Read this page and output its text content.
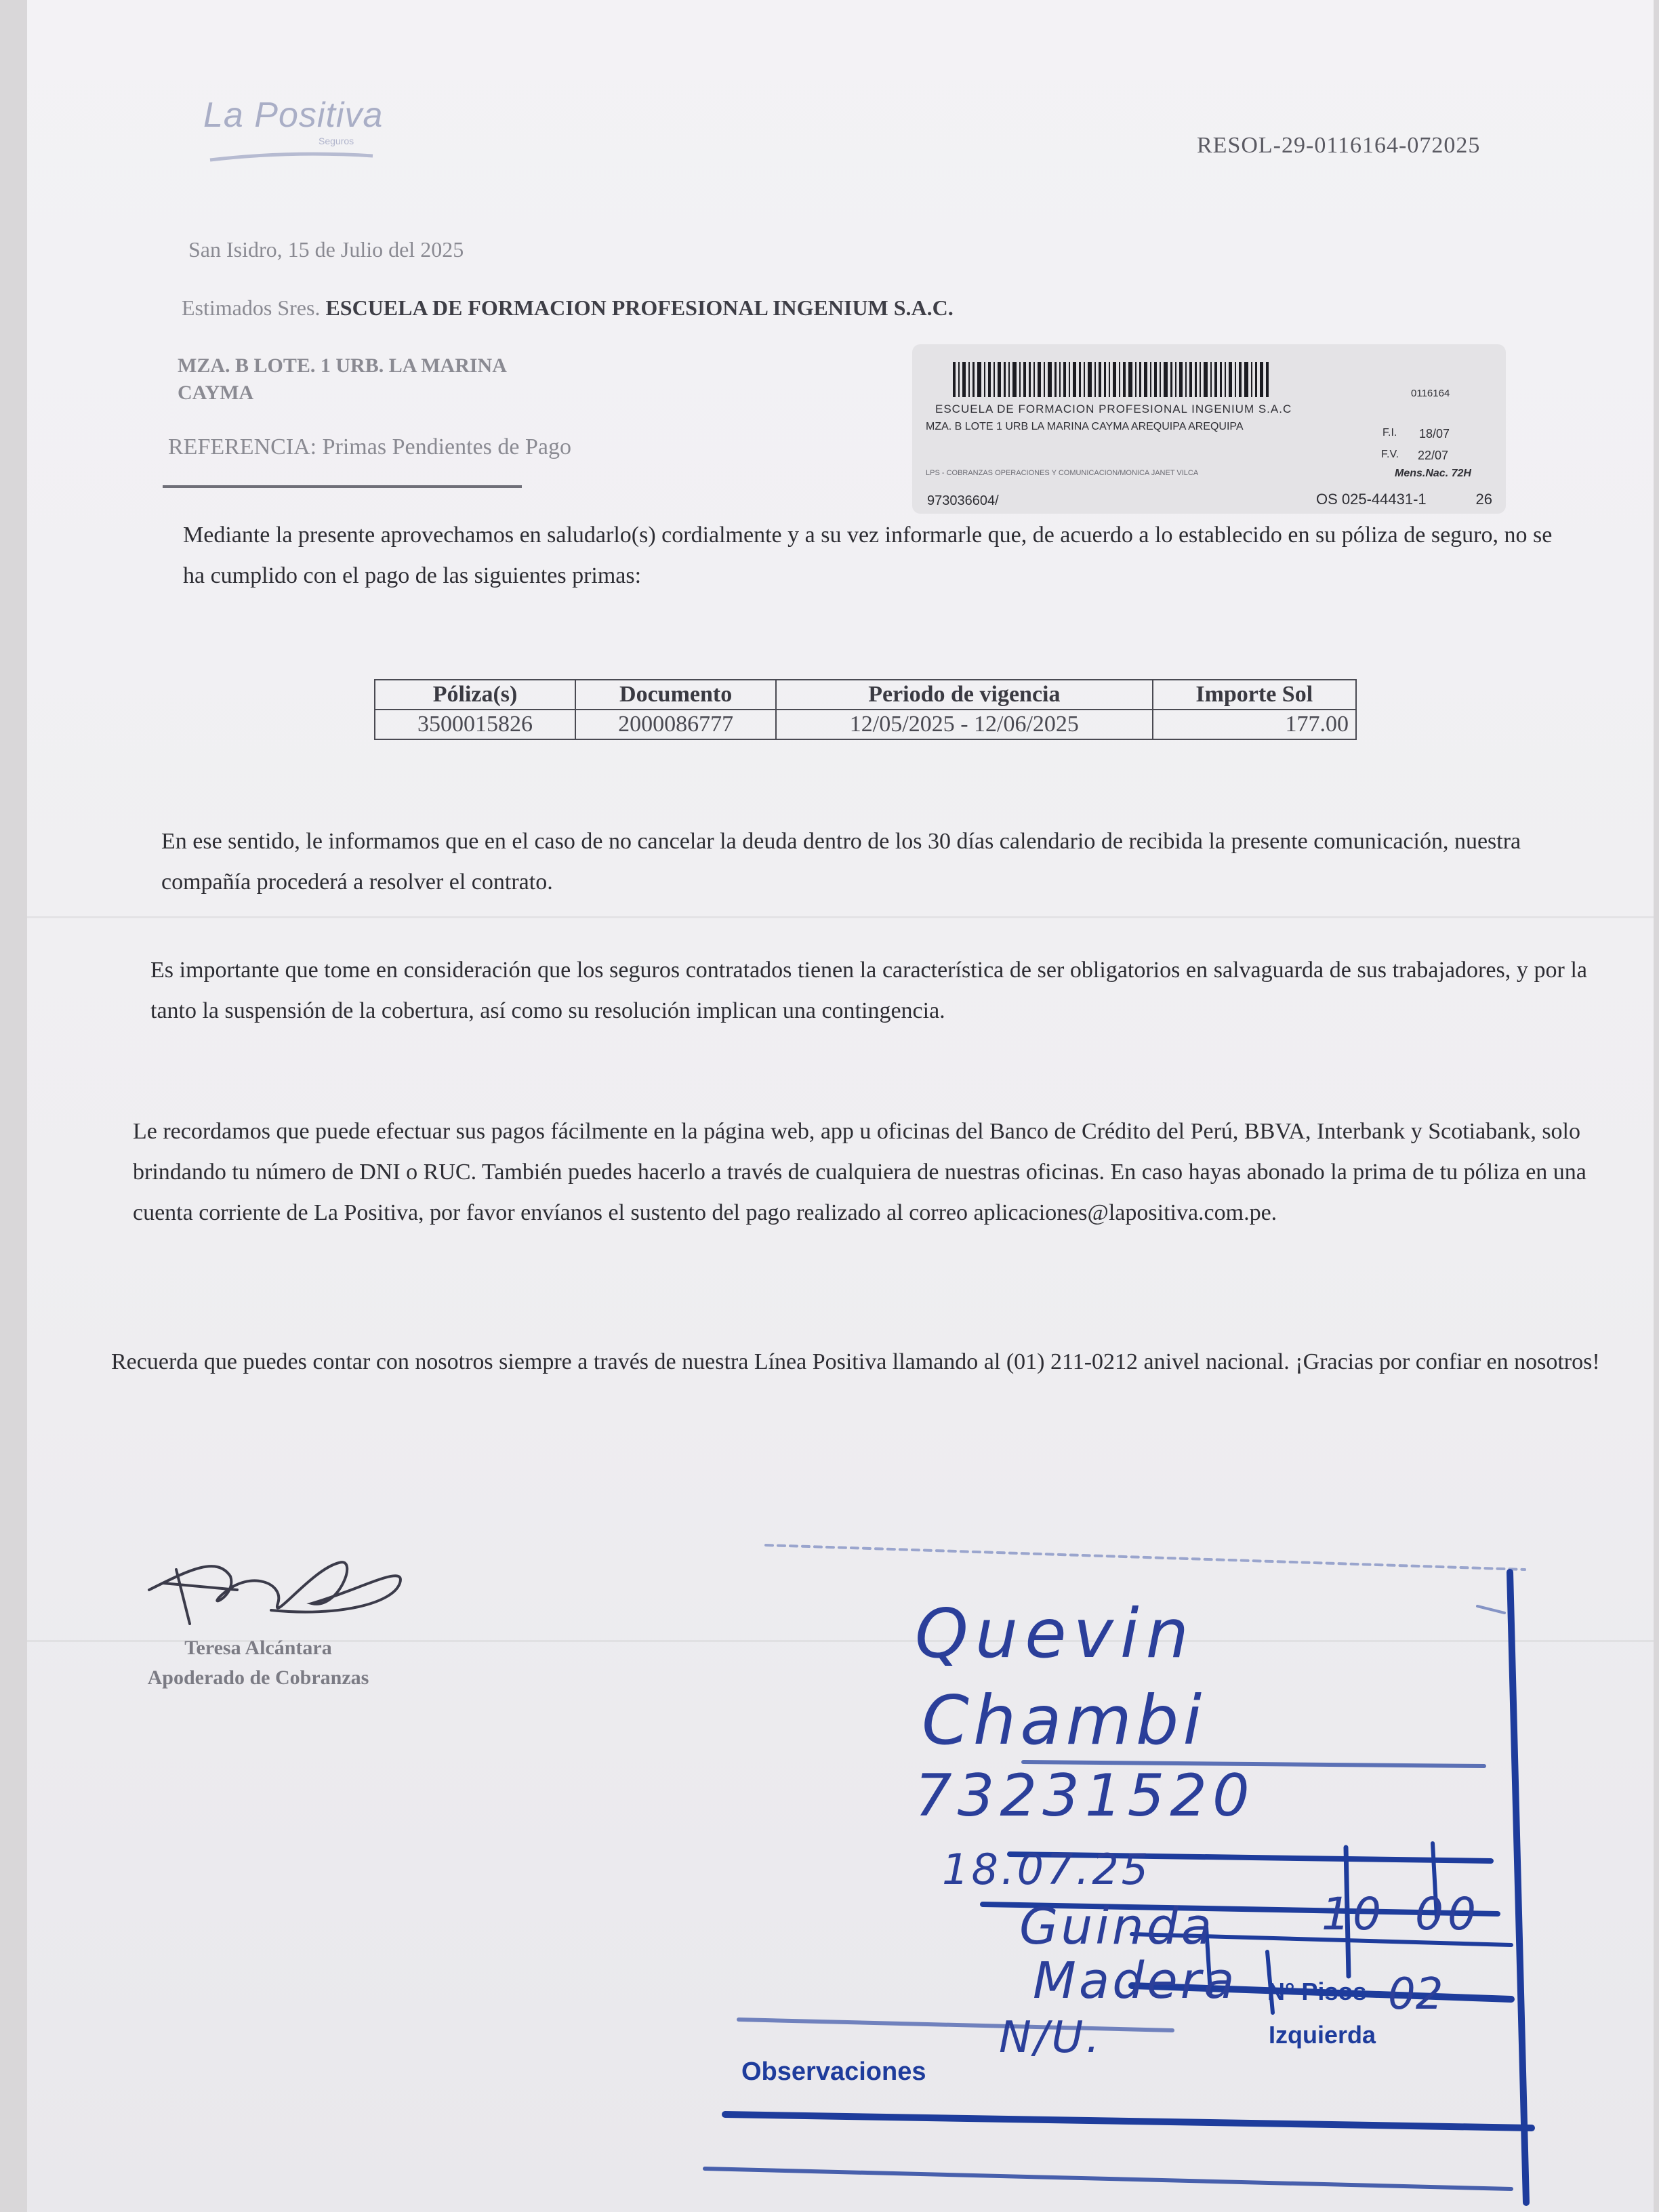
La Positiva
Seguros	RESOL-29-0116164-072025

San Isidro, 15 de Julio del 2025

Estimados Sres. ESCUELA DE FORMACION PROFESIONAL INGENIUM S.A.C.

MZA. B LOTE. 1 URB. LA MARINA
CAYMA

REFERENCIA: Primas Pendientes de Pago

0116164
ESCUELA DE FORMACION PROFESIONAL INGENIUM S.A.C
MZA. B LOTE 1 URB LA MARINA CAYMA AREQUIPA AREQUIPA
F.I. 18/07
F.V. 22/07
Mens.Nac. 72H
LPS - COBRANZAS OPERACIONES Y COMUNICACION/MONICA JANET VILCA
973036604/	OS 025-44431-1	26

Mediante la presente aprovechamos en saludarlo(s) cordialmente y a su vez informarle que, de acuerdo a lo establecido en su póliza de seguro, no se ha cumplido con el pago de las siguientes primas:

Póliza(s)	Documento	Periodo de vigencia	Importe Sol
3500015826	2000086777	12/05/2025 - 12/06/2025	177.00

En ese sentido, le informamos que en el caso de no cancelar la deuda dentro de los 30 días calendario de recibida la presente comunicación, nuestra compañía procederá a resolver el contrato.

Es importante que tome en consideración que los seguros contratados tienen la característica de ser obligatorios en salvaguarda de sus trabajadores, y por la tanto la suspensión de la cobertura, así como su resolución implican una contingencia.

Le recordamos que puede efectuar sus pagos fácilmente en la página web, app u oficinas del Banco de Crédito del Perú, BBVA, Interbank y Scotiabank, solo brindando tu número de DNI o RUC. También puedes hacerlo a través de cualquiera de nuestras oficinas. En caso hayas abonado la prima de tu póliza en una cuenta corriente de La Positiva, por favor envíanos el sustento del pago realizado al correo aplicaciones@lapositiva.com.pe.

Recuerda que puedes contar con nosotros siempre a través de nuestra Línea Positiva llamando al (01) 211-0212 anivel nacional. ¡Gracias por confiar en nosotros!

Teresa Alcántara
Apoderado de Cobranzas

Quevin

Chambi

73231520

18.07.25

10 00

Guinda

Madera	02

N/U.

N° Pisos

Izquierda

Observaciones
